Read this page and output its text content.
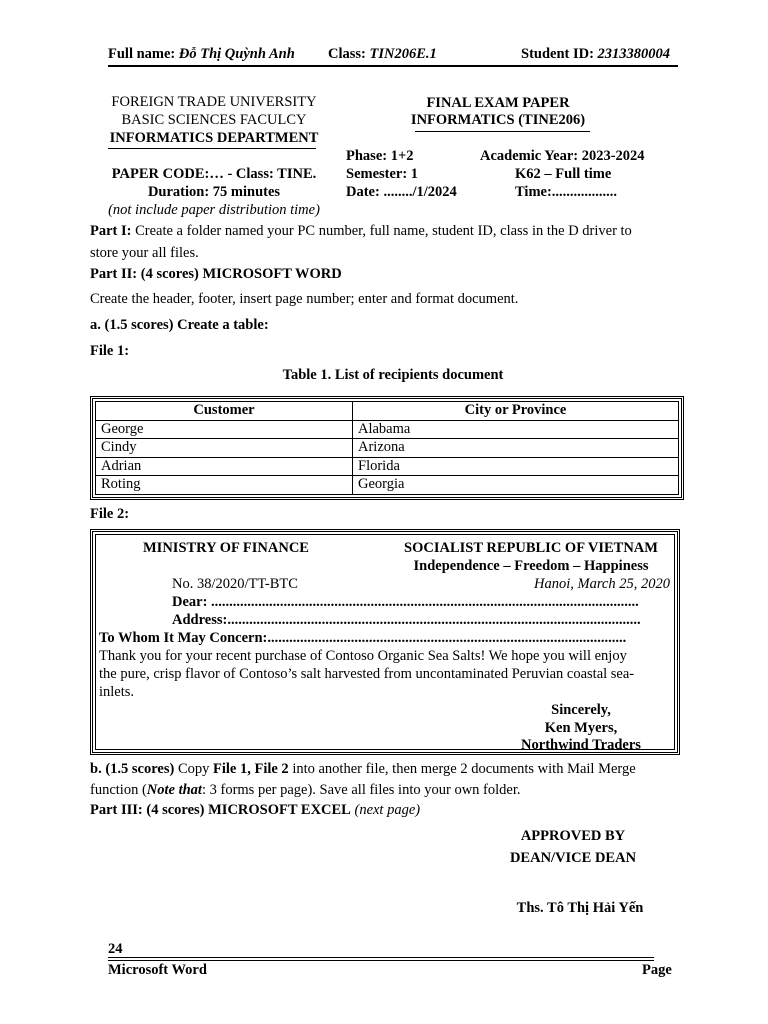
Full name: Đỗ Thị Quỳnh Anh Class: TIN206E.1	Student ID: 2313380004
FOREIGN TRADE UNIVERSITY
BASIC SCIENCES FACULCY
INFORMATICS DEPARTMENT
FINAL EXAM PAPER
INFORMATICS (TINE206)
Phase: 1+2	Academic Year: 2023-2024
Semester: 1	K62 – Full time
Date: ......../1/2024	Time:..................
PAPER CODE:… - Class: TINE.
Duration: 75 minutes
(not include paper distribution time)
Part I: Create a folder named your PC number, full name, student ID, class in the D driver to
store your all files.
Part II: (4 scores) MICROSOFT WORD
Create the header, footer, insert page number; enter and format document.
a. (1.5 scores) Create a table:
File 1:
Table 1. List of recipients document
Customer	City or Province
George	Alabama
Cindy	Arizona
Adrian	Florida
Roting	Georgia
File 2:
MINISTRY OF FINANCE	SOCIALIST REPUBLIC OF VIETNAM
Independence – Freedom – Happiness
No. 38/2020/TT-BTC	Hanoi, March 25, 2020
Dear: ......................................................................................................................
Address:..................................................................................................................
To Whom It May Concern:...................................................................................................
Thank you for your recent purchase of Contoso Organic Sea Salts! We hope you will enjoy
the pure, crisp flavor of Contoso’s salt harvested from uncontaminated Peruvian coastal sea-
inlets.
Sincerely,
Ken Myers,
Northwind Traders
b. (1.5 scores) Copy File 1, File 2 into another file, then merge 2 documents with Mail Merge
function (Note that: 3 forms per page). Save all files into your own folder.
Part III: (4 scores) MICROSOFT EXCEL (next page)
APPROVED BY
DEAN/VICE DEAN
Ths. Tô Thị Hải Yến
24
Microsoft Word	Page
